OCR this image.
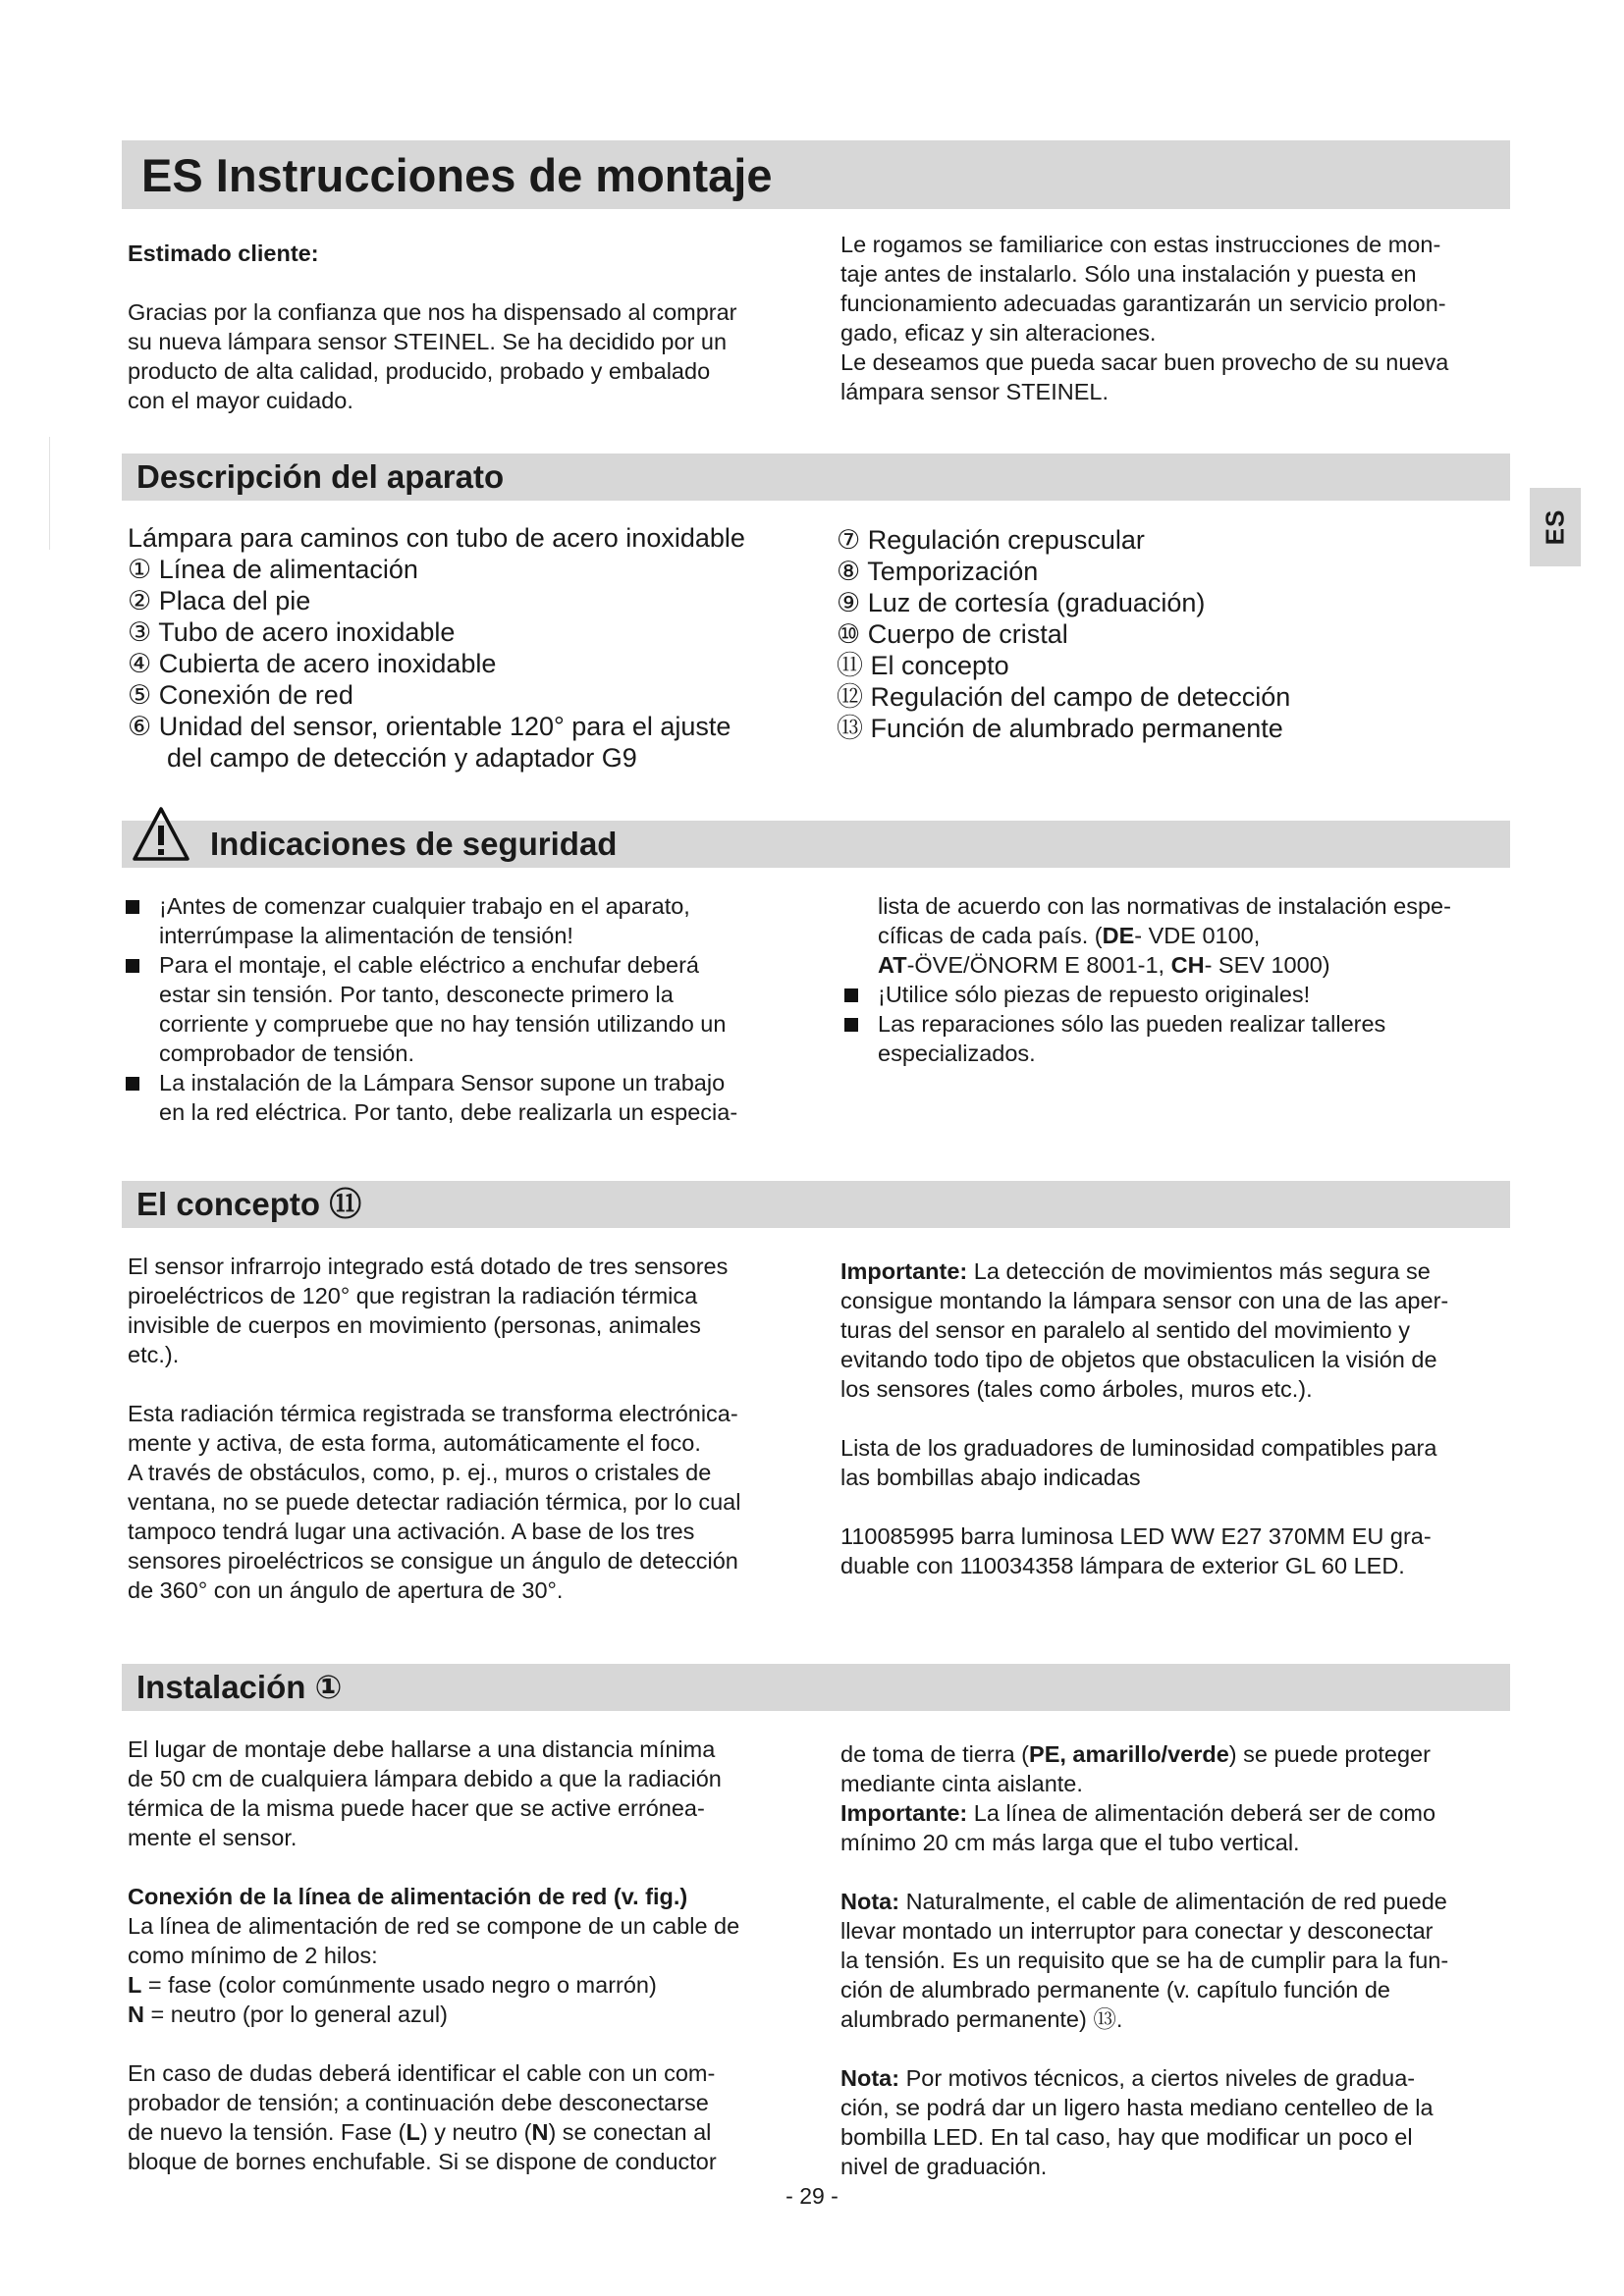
ES Instrucciones de montaje
ES

Estimado cliente:

Gracias por la confianza que nos ha dispensado al comprar

su nueva lámpara sensor STEINEL. Se ha decidido por un

producto de alta calidad, producido, probado y embalado

con el mayor cuidado.

Le rogamos se familiarice con estas instrucciones de mon-

taje antes de instalarlo. Sólo una instalación y puesta en

funcionamiento adecuadas garantizarán un servicio prolon-

gado, eficaz y sin alteraciones.

Le deseamos que pueda sacar buen provecho de su nueva

lámpara sensor STEINEL.

Descripción del aparato

Lámpara para caminos con tubo de acero inoxidable

① Línea de alimentación

② Placa del pie

③ Tubo de acero inoxidable

④ Cubierta de acero inoxidable

⑤ Conexión de red

⑥ Unidad del sensor, orientable 120° para el ajuste

del campo de detección y adaptador G9

⑦ Regulación crepuscular

⑧ Temporización

⑨ Luz de cortesía (graduación)

⑩ Cuerpo de cristal

⑪ El concepto

⑫ Regulación del campo de detección

⑬ Función de alumbrado permanente

Indicaciones de seguridad

¡Antes de comenzar cualquier trabajo en el aparato,

interrúmpase la alimentación de tensión!

Para el montaje, el cable eléctrico a enchufar deberá

estar sin tensión. Por tanto, desconecte primero la

corriente y compruebe que no hay tensión utilizando un

comprobador de tensión.

La instalación de la Lámpara Sensor supone un trabajo

en la red eléctrica. Por tanto, debe realizarla un especia-

lista de acuerdo con las normativas de instalación espe-

cíficas de cada país. (DE- VDE 0100,

AT-ÖVE/ÖNORM E 8001-1, CH- SEV 1000)

¡Utilice sólo piezas de repuesto originales!

Las reparaciones sólo las pueden realizar talleres

especializados.

El concepto ⑪

El sensor infrarrojo integrado está dotado de tres sensores

piroeléctricos de 120° que registran la radiación térmica

invisible de cuerpos en movimiento (personas, animales

etc.).

Esta radiación térmica registrada se transforma electrónica-

mente y activa, de esta forma, automáticamente el foco.

A través de obstáculos, como, p. ej., muros o cristales de

ventana, no se puede detectar radiación térmica, por lo cual

tampoco tendrá lugar una activación. A base de los tres

sensores piroeléctricos se consigue un ángulo de detección

de 360° con un ángulo de apertura de 30°.

Importante: La detección de movimientos más segura se

consigue montando la lámpara sensor con una de las aper-

turas del sensor en paralelo al sentido del movimiento y

evitando todo tipo de objetos que obstaculicen la visión de

los sensores (tales como árboles, muros etc.).

Lista de los graduadores de luminosidad compatibles para

las bombillas abajo indicadas

110085995 barra luminosa LED WW E27 370MM EU gra-

duable con 110034358 lámpara de exterior GL 60 LED.

Instalación ①

El lugar de montaje debe hallarse a una distancia mínima

de 50 cm de cualquiera lámpara debido a que la radiación

térmica de la misma puede hacer que se active erróneа-

mente el sensor.

Conexión de la línea de alimentación de red (v. fig.)

La línea de alimentación de red se compone de un cable de

como mínimo de 2 hilos:

L = fase (color comúnmente usado negro o marrón)

N = neutro (por lo general azul)

En caso de dudas deberá identificar el cable con un com-

probador de tensión; a continuación debe desconectarse

de nuevo la tensión. Fase (L) y neutro (N) se conectan al

bloque de bornes enchufable. Si se dispone de conductor

de toma de tierra (PE, amarillo/verde) se puede proteger

mediante cinta aislante.

Importante: La línea de alimentación deberá ser de como

mínimo 20 cm más larga que el tubo vertical.

Nota: Naturalmente, el cable de alimentación de red puede

llevar montado un interruptor para conectar y desconectar

la tensión. Es un requisito que se ha de cumplir para la fun-

ción de alumbrado permanente (v. capítulo función de

alumbrado permanente) ⑬.

Nota: Por motivos técnicos, a ciertos niveles de gradua-

ción, se podrá dar un ligero hasta mediano centelleo de la

bombilla LED. En tal caso, hay que modificar un poco el

nivel de graduación.

- 29 -
